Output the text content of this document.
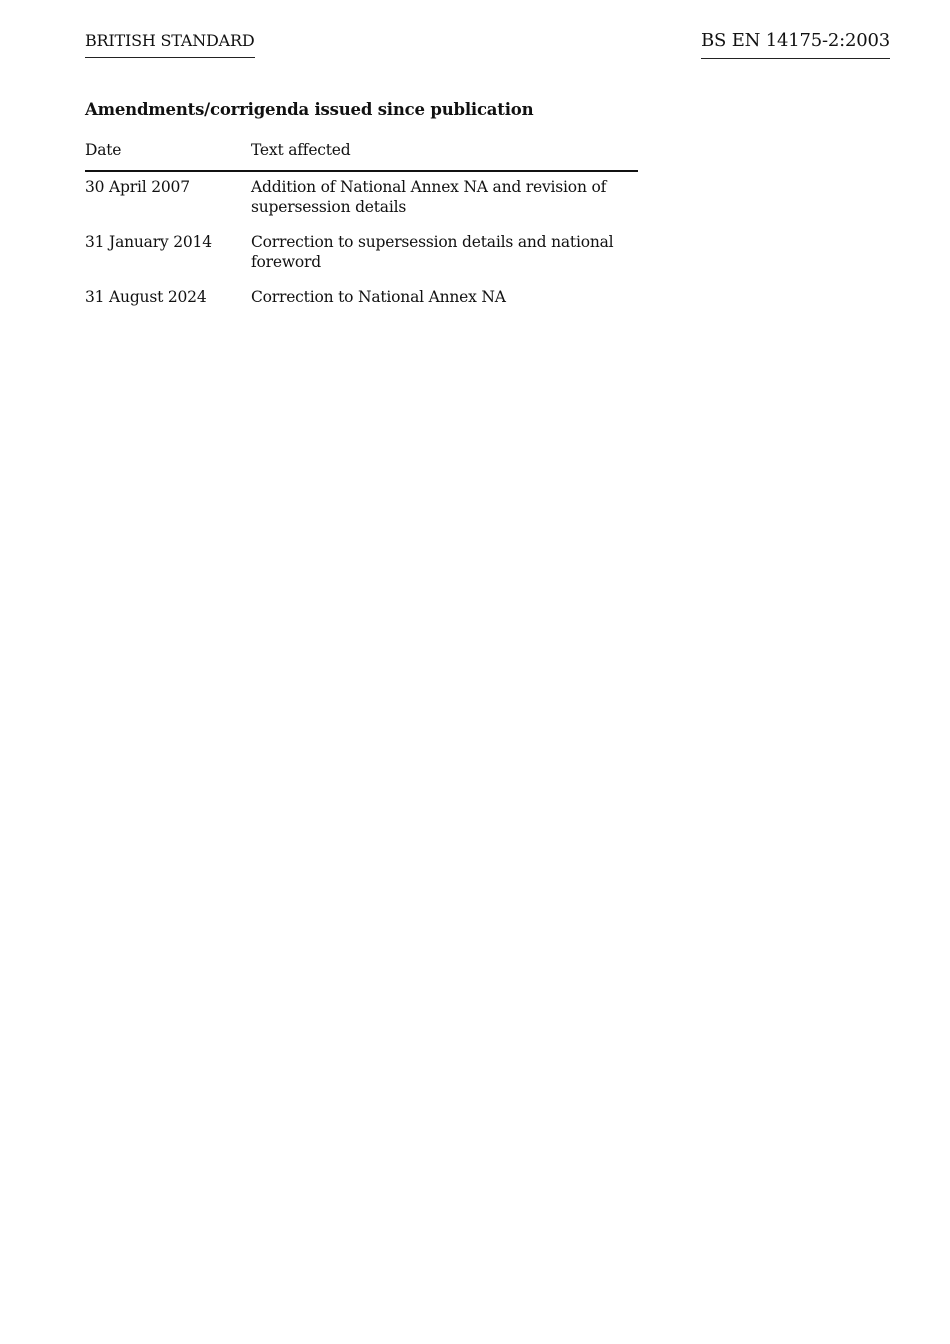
BRITISH STANDARD	BS EN 14175-2:2003
Amendments/corrigenda issued since publication
Date	Text affected
30 April 2007	Addition of National Annex NA and revision of supersession details
31 January 2014	Correction to supersession details and national foreword
31 August 2024	Correction to National Annex NA
